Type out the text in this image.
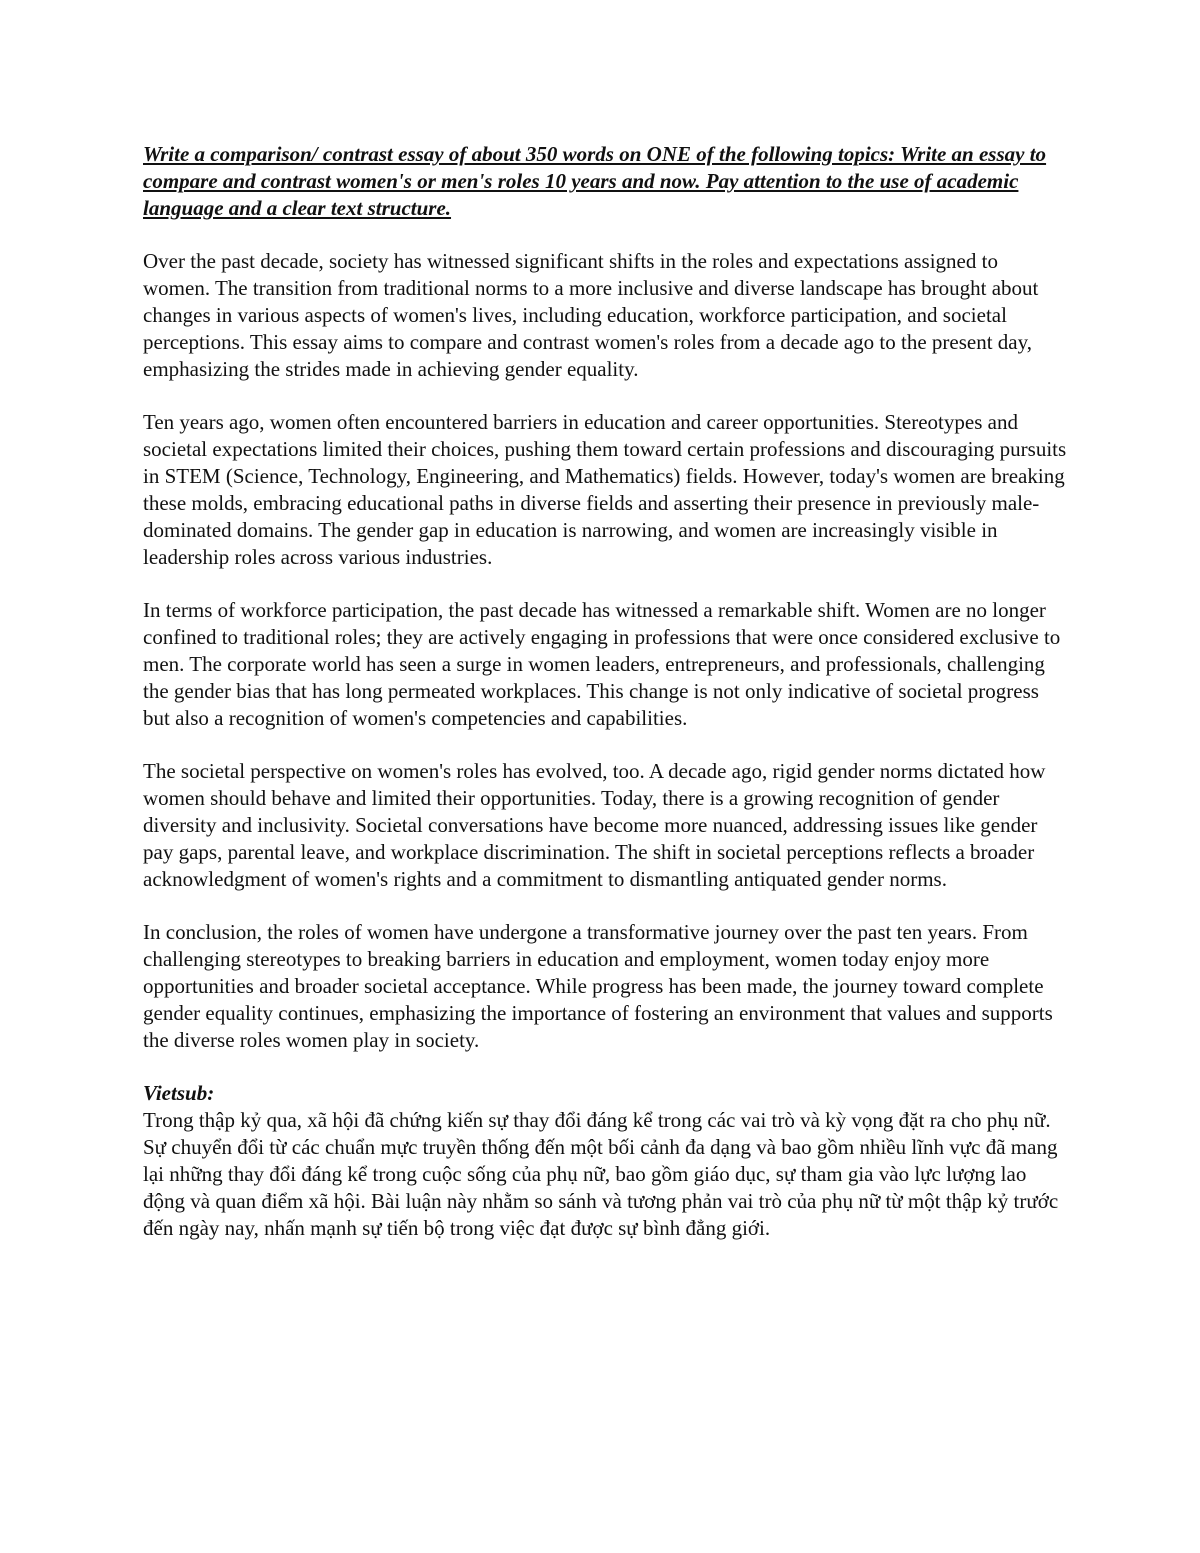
Write a comparison/ contrast essay of about 350 words on ONE of the following topics: Write an essay to compare and contrast women's or men's roles 10 years and now. Pay attention to the use of academic language and a clear text structure.

Over the past decade, society has witnessed significant shifts in the roles and expectations assigned to women. The transition from traditional norms to a more inclusive and diverse landscape has brought about changes in various aspects of women's lives, including education, workforce participation, and societal perceptions. This essay aims to compare and contrast women's roles from a decade ago to the present day, emphasizing the strides made in achieving gender equality.

Ten years ago, women often encountered barriers in education and career opportunities. Stereotypes and societal expectations limited their choices, pushing them toward certain professions and discouraging pursuits in STEM (Science, Technology, Engineering, and Mathematics) fields. However, today's women are breaking these molds, embracing educational paths in diverse fields and asserting their presence in previously male-dominated domains. The gender gap in education is narrowing, and women are increasingly visible in leadership roles across various industries.

In terms of workforce participation, the past decade has witnessed a remarkable shift. Women are no longer confined to traditional roles; they are actively engaging in professions that were once considered exclusive to men. The corporate world has seen a surge in women leaders, entrepreneurs, and professionals, challenging the gender bias that has long permeated workplaces. This change is not only indicative of societal progress but also a recognition of women's competencies and capabilities.

The societal perspective on women's roles has evolved, too. A decade ago, rigid gender norms dictated how women should behave and limited their opportunities. Today, there is a growing recognition of gender diversity and inclusivity. Societal conversations have become more nuanced, addressing issues like gender pay gaps, parental leave, and workplace discrimination. The shift in societal perceptions reflects a broader acknowledgment of women's rights and a commitment to dismantling antiquated gender norms.

In conclusion, the roles of women have undergone a transformative journey over the past ten years. From challenging stereotypes to breaking barriers in education and employment, women today enjoy more opportunities and broader societal acceptance. While progress has been made, the journey toward complete gender equality continues, emphasizing the importance of fostering an environment that values and supports the diverse roles women play in society.

Vietsub:

Trong thập kỷ qua, xã hội đã chứng kiến sự thay đổi đáng kể trong các vai trò và kỳ vọng đặt ra cho phụ nữ. Sự chuyển đổi từ các chuẩn mực truyền thống đến một bối cảnh đa dạng và bao gồm nhiều lĩnh vực đã mang lại những thay đổi đáng kể trong cuộc sống của phụ nữ, bao gồm giáo dục, sự tham gia vào lực lượng lao động và quan điểm xã hội. Bài luận này nhằm so sánh và tương phản vai trò của phụ nữ từ một thập kỷ trước đến ngày nay, nhấn mạnh sự tiến bộ trong việc đạt được sự bình đẳng giới.
